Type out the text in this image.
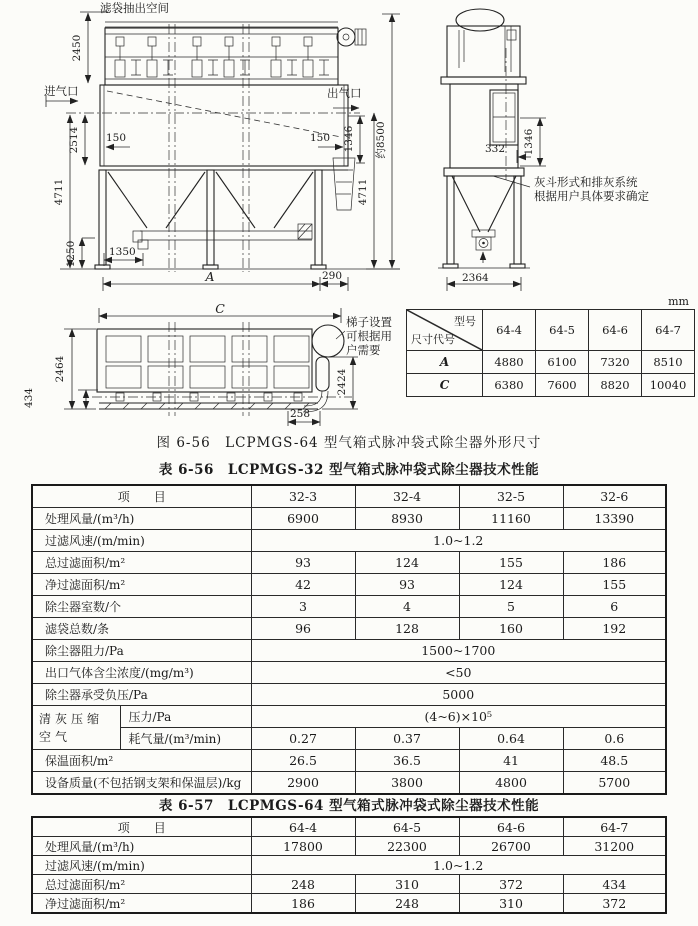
滤袋抽出空间
2450
进气口	出气口
2514 150	150
4711
1250	1350
A	290
1346 约8500
4711
1346
332
灰斗形式和排灰系统
根据用户具体要求确定
2364
C
2464
434
2424
258
梯子设置
可根据用
户需要
mm
型号
尺寸代号	64-4	64-5	64-6	64-7
A	4880	6100	7320	8510
C	6380	7600	8820	10040
图 6-56　LCPMGS-64 型气箱式脉冲袋式除尘器外形尺寸
表 6-56　LCPMGS-32 型气箱式脉冲袋式除尘器技术性能
项　　目		32-3	32-4	32-5	32-6
处理风量/(m³/h)		6900	8930	11160	13390
过滤风速/(m/min)		1.0~1.2			
总过滤面积/m²		93	124	155	186
净过滤面积/m²		42	93	124	155
除尘器室数/个		3	4	5	6
滤袋总数/条		96	128	160	192
除尘器阻力/Pa		1500~1700			
出口气体含尘浓度/(mg/m³)		<50			
除尘器承受负压/Pa		5000			
清灰压缩空气	压力/Pa	(4~6)×10⁵			
	耗气量/(m³/min)	0.27	0.37	0.64	0.6
保温面积/m²		26.5	36.5	41	48.5
设备质量(不包括钢支架和保温层)/kg		2900	3800	4800	5700
表 6-57　LCPMGS-64 型气箱式脉冲袋式除尘器技术性能
项　　目	64-4	64-5	64-6	64-7
处理风量/(m³/h)	17800	22300	26700	31200
过滤风速/(m/min)	1.0~1.2			
总过滤面积/m²	248	310	372	434
净过滤面积/m²	186	248	310	372
